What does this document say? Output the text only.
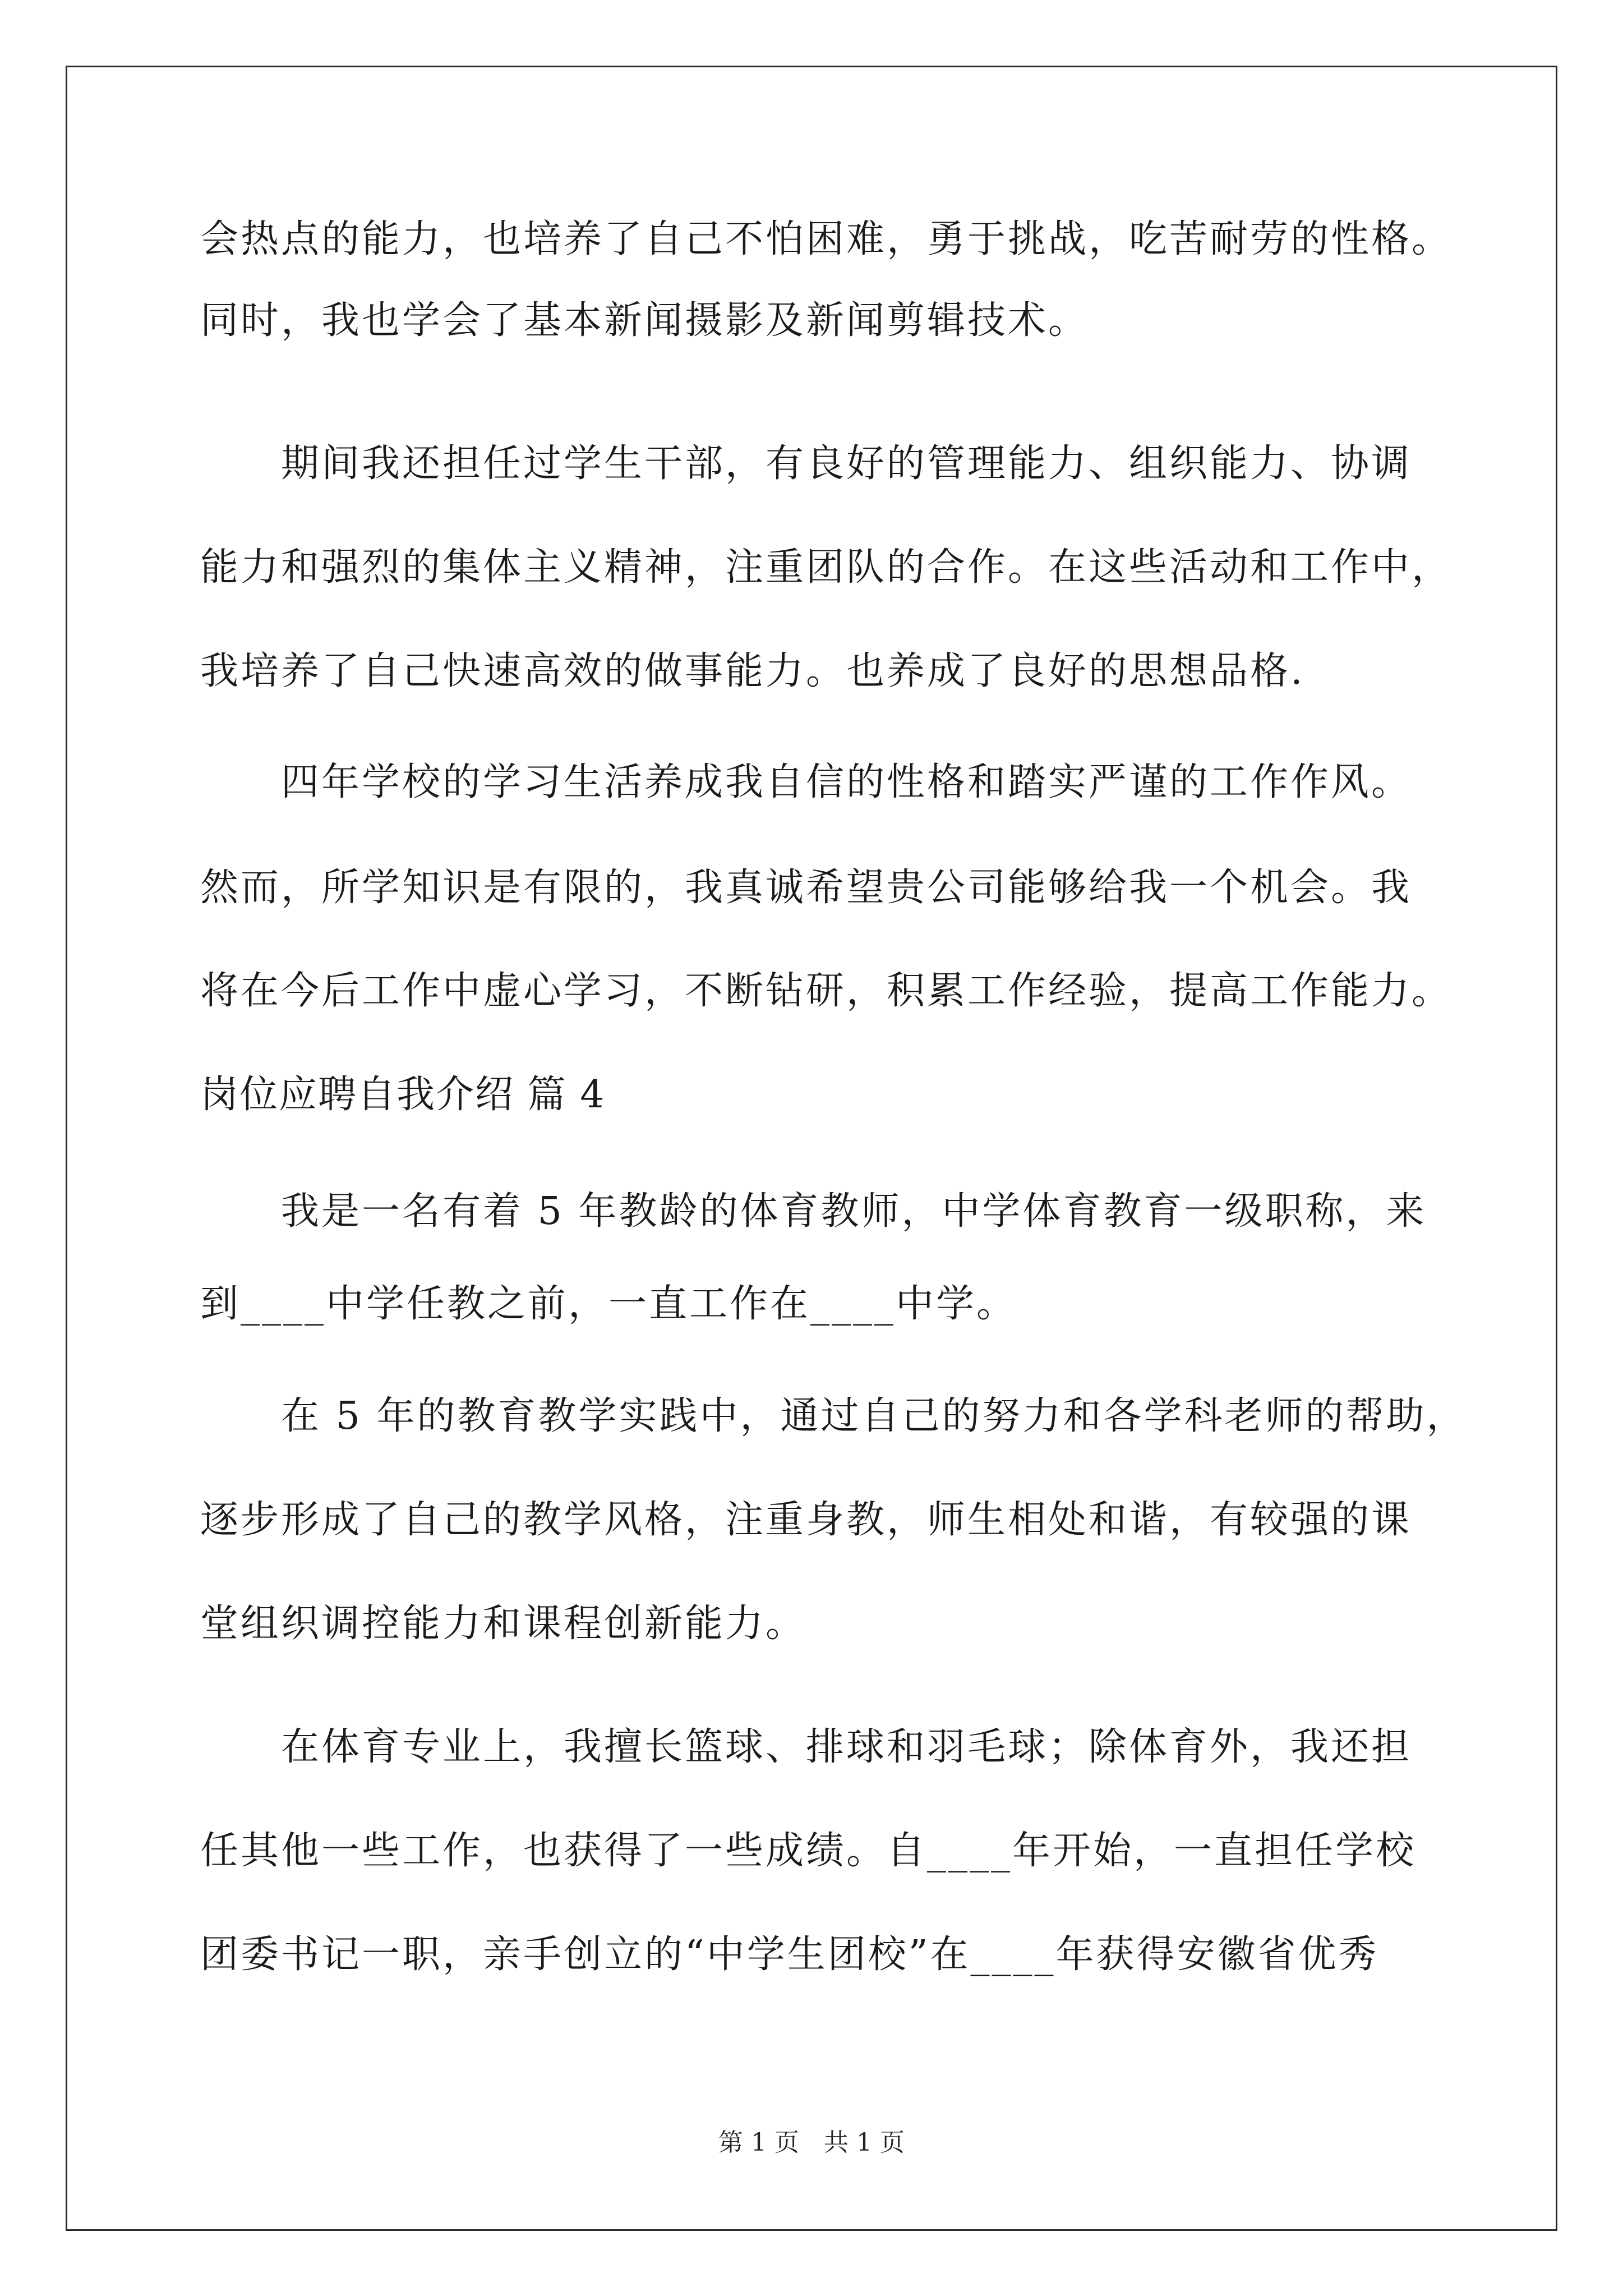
会热点的能力，也培养了自己不怕困难，勇于挑战，吃苦耐劳的性格。
同时，我也学会了基本新闻摄影及新闻剪辑技术。
期间我还担任过学生干部，有良好的管理能力、组织能力、协调
能力和强烈的集体主义精神，注重团队的合作。在这些活动和工作中，
我培养了自己快速高效的做事能力。也养成了良好的思想品格.
四年学校的学习生活养成我自信的性格和踏实严谨的工作作风。
然而，所学知识是有限的，我真诚希望贵公司能够给我一个机会。我
将在今后工作中虚心学习，不断钻研，积累工作经验，提高工作能力。
岗位应聘自我介绍 篇 4
我是一名有着 5 年教龄的体育教师，中学体育教育一级职称，来
到____中学任教之前，一直工作在____中学。
在 5 年的教育教学实践中，通过自己的努力和各学科老师的帮助，
逐步形成了自己的教学风格，注重身教，师生相处和谐，有较强的课
堂组织调控能力和课程创新能力。
在体育专业上，我擅长篮球、排球和羽毛球；除体育外，我还担
任其他一些工作，也获得了一些成绩。自____年开始，一直担任学校
团委书记一职，亲手创立的“中学生团校”在____年获得安徽省优秀
第 1 页　共 1 页
